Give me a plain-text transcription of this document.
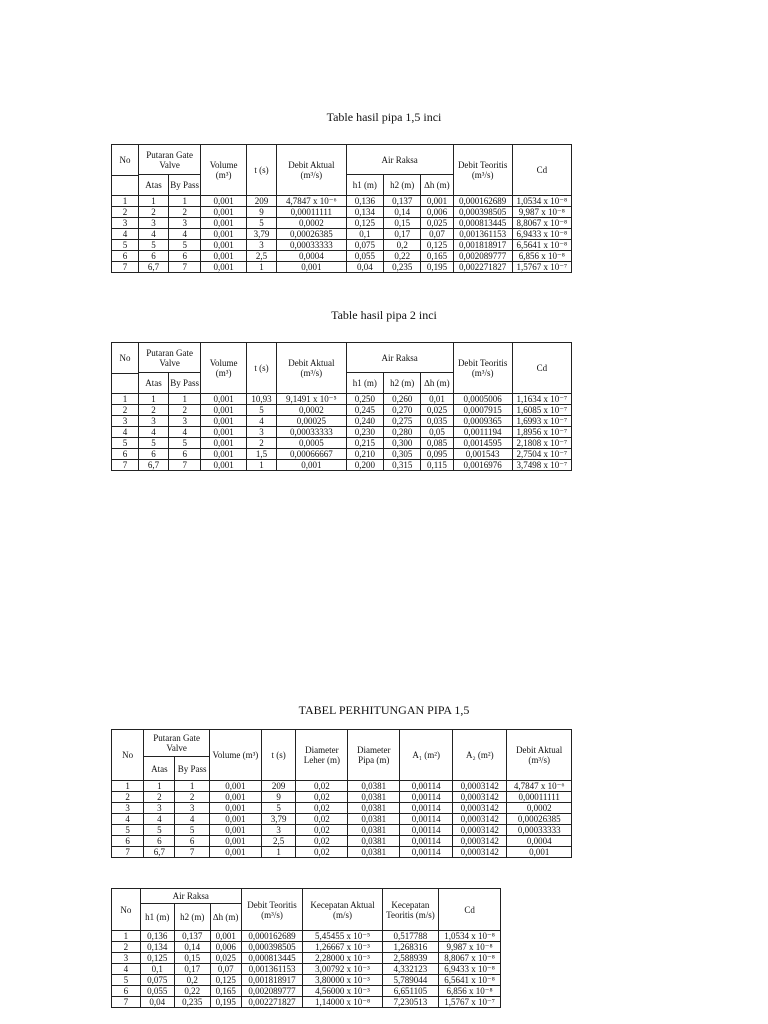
Table hasil pipa 1,5 inci
No	Putaran Gate Valve		Volume (m³)	t (s)	Debit Aktual (m³/s)	Air Raksa			Debit Teoritis (m³/s)	Cd
	Atas	By Pass				h1 (m)	h2 (m)	∆h (m)		

1	1	1	0,001	209	4,7847 x 10⁻⁶	0,136	0,137	0,001	0,000162689	1,0534 x 10⁻⁸
2	2	2	0,001	9	0,00011111	0,134	0,14	0,006	0,000398505	9,987 x 10⁻⁸
3	3	3	0,001	5	0,0002	0,125	0,15	0,025	0,000813445	8,8067 x 10⁻⁸
4	4	4	0,001	3,79	0,00026385	0,1	0,17	0,07	0,001361153	6,9433 x 10⁻⁸
5	5	5	0,001	3	0,00033333	0,075	0,2	0,125	0,001818917	6,5641 x 10⁻⁸
6	6	6	0,001	2,5	0,0004	0,055	0,22	0,165	0,002089777	6,856 x 10⁻⁸
7	6,7	7	0,001	1	0,001	0,04	0,235	0,195	0,002271827	1,5767 x 10⁻⁷
Table hasil pipa 2 inci
No	Putaran Gate Valve		Volume (m³)	t (s)	Debit Aktual (m³/s)	Air Raksa			Debit Teoritis (m³/s)	Cd
	Atas	By Pass				h1 (m)	h2 (m)	∆h (m)		

1	1	1	0,001	10,93	9,1491 x 10⁻⁵	0,250	0,260	0,01	0,0005006	1,1634 x 10⁻⁷
2	2	2	0,001	5	0,0002	0,245	0,270	0,025	0,0007915	1,6085 x 10⁻⁷
3	3	3	0,001	4	0,00025	0,240	0,275	0,035	0,0009365	1,6993 x 10⁻⁷
4	4	4	0,001	3	0,00033333	0,230	0,280	0,05	0,0011194	1,8956 x 10⁻⁷
5	5	5	0,001	2	0,0005	0,215	0,300	0,085	0,0014595	2,1808 x 10⁻⁷
6	6	6	0,001	1,5	0,00066667	0,210	0,305	0,095	0,001543	2,7504 x 10⁻⁷
7	6,7	7	0,001	1	0,001	0,200	0,315	0,115	0,0016976	3,7498 x 10⁻⁷
TABEL PERHITUNGAN PIPA 1,5
No	Putaran Gate Valve		Volume (m³)	t (s)	Diameter Leher (m)	Diameter Pipa (m)	A₁ (m²)	A₂ (m²)	Debit Aktual (m³/s)
	Atas	By Pass							
1	1	1	0,001	209	0,02	0,0381	0,00114	0,0003142	4,7847 x 10⁻⁶
2	2	2	0,001	9	0,02	0,0381	0,00114	0,0003142	0,00011111
3	3	3	0,001	5	0,02	0,0381	0,00114	0,0003142	0,0002
4	4	4	0,001	3,79	0,02	0,0381	0,00114	0,0003142	0,00026385
5	5	5	0,001	3	0,02	0,0381	0,00114	0,0003142	0,00033333
6	6	6	0,001	2,5	0,02	0,0381	0,00114	0,0003142	0,0004
7	6,7	7	0,001	1	0,02	0,0381	0,00114	0,0003142	0,001
No	Air Raksa			Debit Teoritis (m³/s)	Kecepatan Aktual (m/s)	Kecepatan Teoritis (m/s)	Cd
	h1 (m)	h2 (m)	∆h (m)				
1	0,136	0,137	0,001	0,000162689	5,45455 x 10⁻⁵	0,517788	1,0534 x 10⁻⁸
2	0,134	0,14	0,006	0,000398505	1,26667 x 10⁻³	1,268316	9,987 x 10⁻⁸
3	0,125	0,15	0,025	0,000813445	2,28000 x 10⁻³	2,588939	8,8067 x 10⁻⁸
4	0,1	0,17	0,07	0,001361153	3,00792 x 10⁻³	4,332123	6,9433 x 10⁻⁸
5	0,075	0,2	0,125	0,001818917	3,80000 x 10⁻³	5,789044	6,5641 x 10⁻⁸
6	0,055	0,22	0,165	0,002089777	4,56000 x 10⁻³	6,651105	6,856 x 10⁻⁸
7	0,04	0,235	0,195	0,002271827	1,14000 x 10⁻⁸	7,230513	1,5767 x 10⁻⁷
